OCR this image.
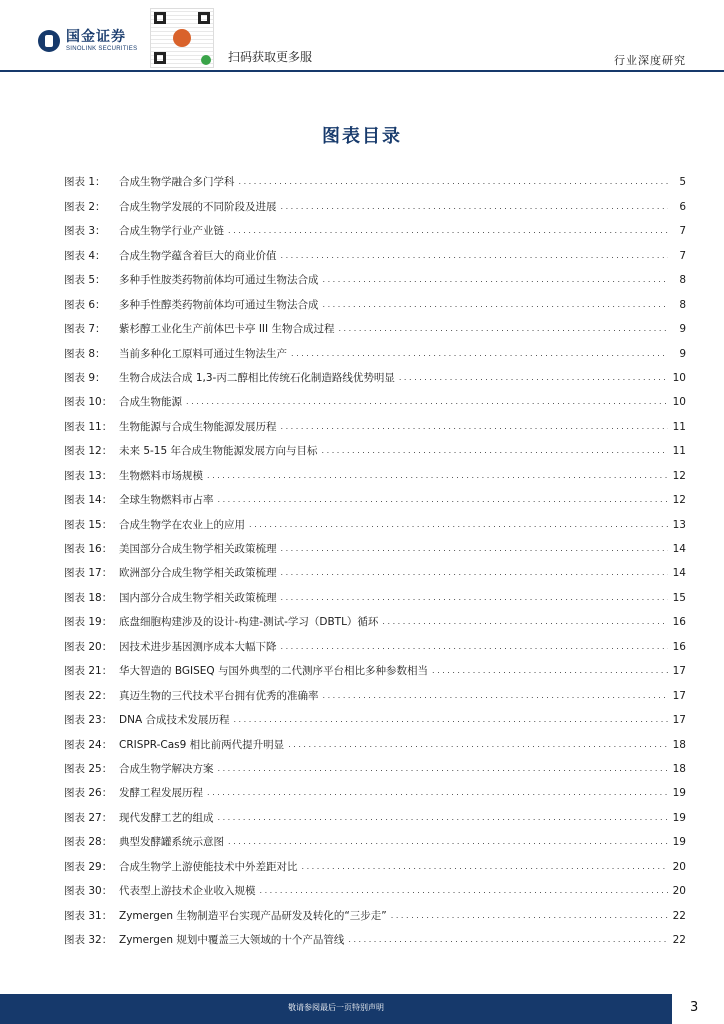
国金证券
SINOLINK SECURITIES
扫码获取更多服	行业深度研究
图表目录
图表 1：	合成生物学融合多门学科 . . .	5
图表 2：	合成生物学发展的不同阶段及进展 . . .	6
图表 3：	合成生物学行业产业链 . . .	7
图表 4：	合成生物学蕴含着巨大的商业价值 . . .	7
图表 5：	多种手性胺类药物前体均可通过生物法合成 . . .	8
图表 6：	多种手性醇类药物前体均可通过生物法合成 . . .	8
图表 7：	紫杉醇工业化生产前体巴卡亭 III 生物合成过程 . . .	9
图表 8：	当前多种化工原料可通过生物法生产 . . .	9
图表 9：	生物合成法合成 1,3-丙二醇相比传统石化制造路线优势明显 . . .	10
图表 10： 合成生物能源 . . .	10
图表 11： 生物能源与合成生物能源发展历程 . . .	11
图表 12： 未来 5-15 年合成生物能源发展方向与目标 . . .	11
图表 13： 生物燃料市场规模 . . .	12
图表 14： 全球生物燃料市占率 . . .	12
图表 15： 合成生物学在农业上的应用 . . .	13
图表 16： 美国部分合成生物学相关政策梳理 . . .	14
图表 17： 欧洲部分合成生物学相关政策梳理 . . .	14
图表 18： 国内部分合成生物学相关政策梳理 . . .	15
图表 19： 底盘细胞构建涉及的设计-构建-测试-学习（DBTL）循环 . . .	16
图表 20： 因技术进步基因测序成本大幅下降 . . .	16
图表 21： 华大智造的 BGISEQ 与国外典型的二代测序平台相比多种参数相当 . . .	17
图表 22： 真迈生物的三代技术平台拥有优秀的准确率 . . .	17
图表 23： DNA 合成技术发展历程 . . .	17
图表 24： CRISPR-Cas9 相比前两代提升明显 . . .	18
图表 25： 合成生物学解决方案 . . .	18
图表 26： 发酵工程发展历程 . . .	19
图表 27： 现代发酵工艺的组成 . . .	19
图表 28： 典型发酵罐系统示意图 . . .	19
图表 29： 合成生物学上游使能技术中外差距对比 . . .	20
图表 30： 代表型上游技术企业收入规模 . . .	20
图表 31： Zymergen 生物制造平台实现产品研发及转化的“三步走” . . .	22
图表 32： Zymergen 规划中覆盖三大领域的十个产品管线 . . .	22
敬请参阅最后一页特别声明	3
